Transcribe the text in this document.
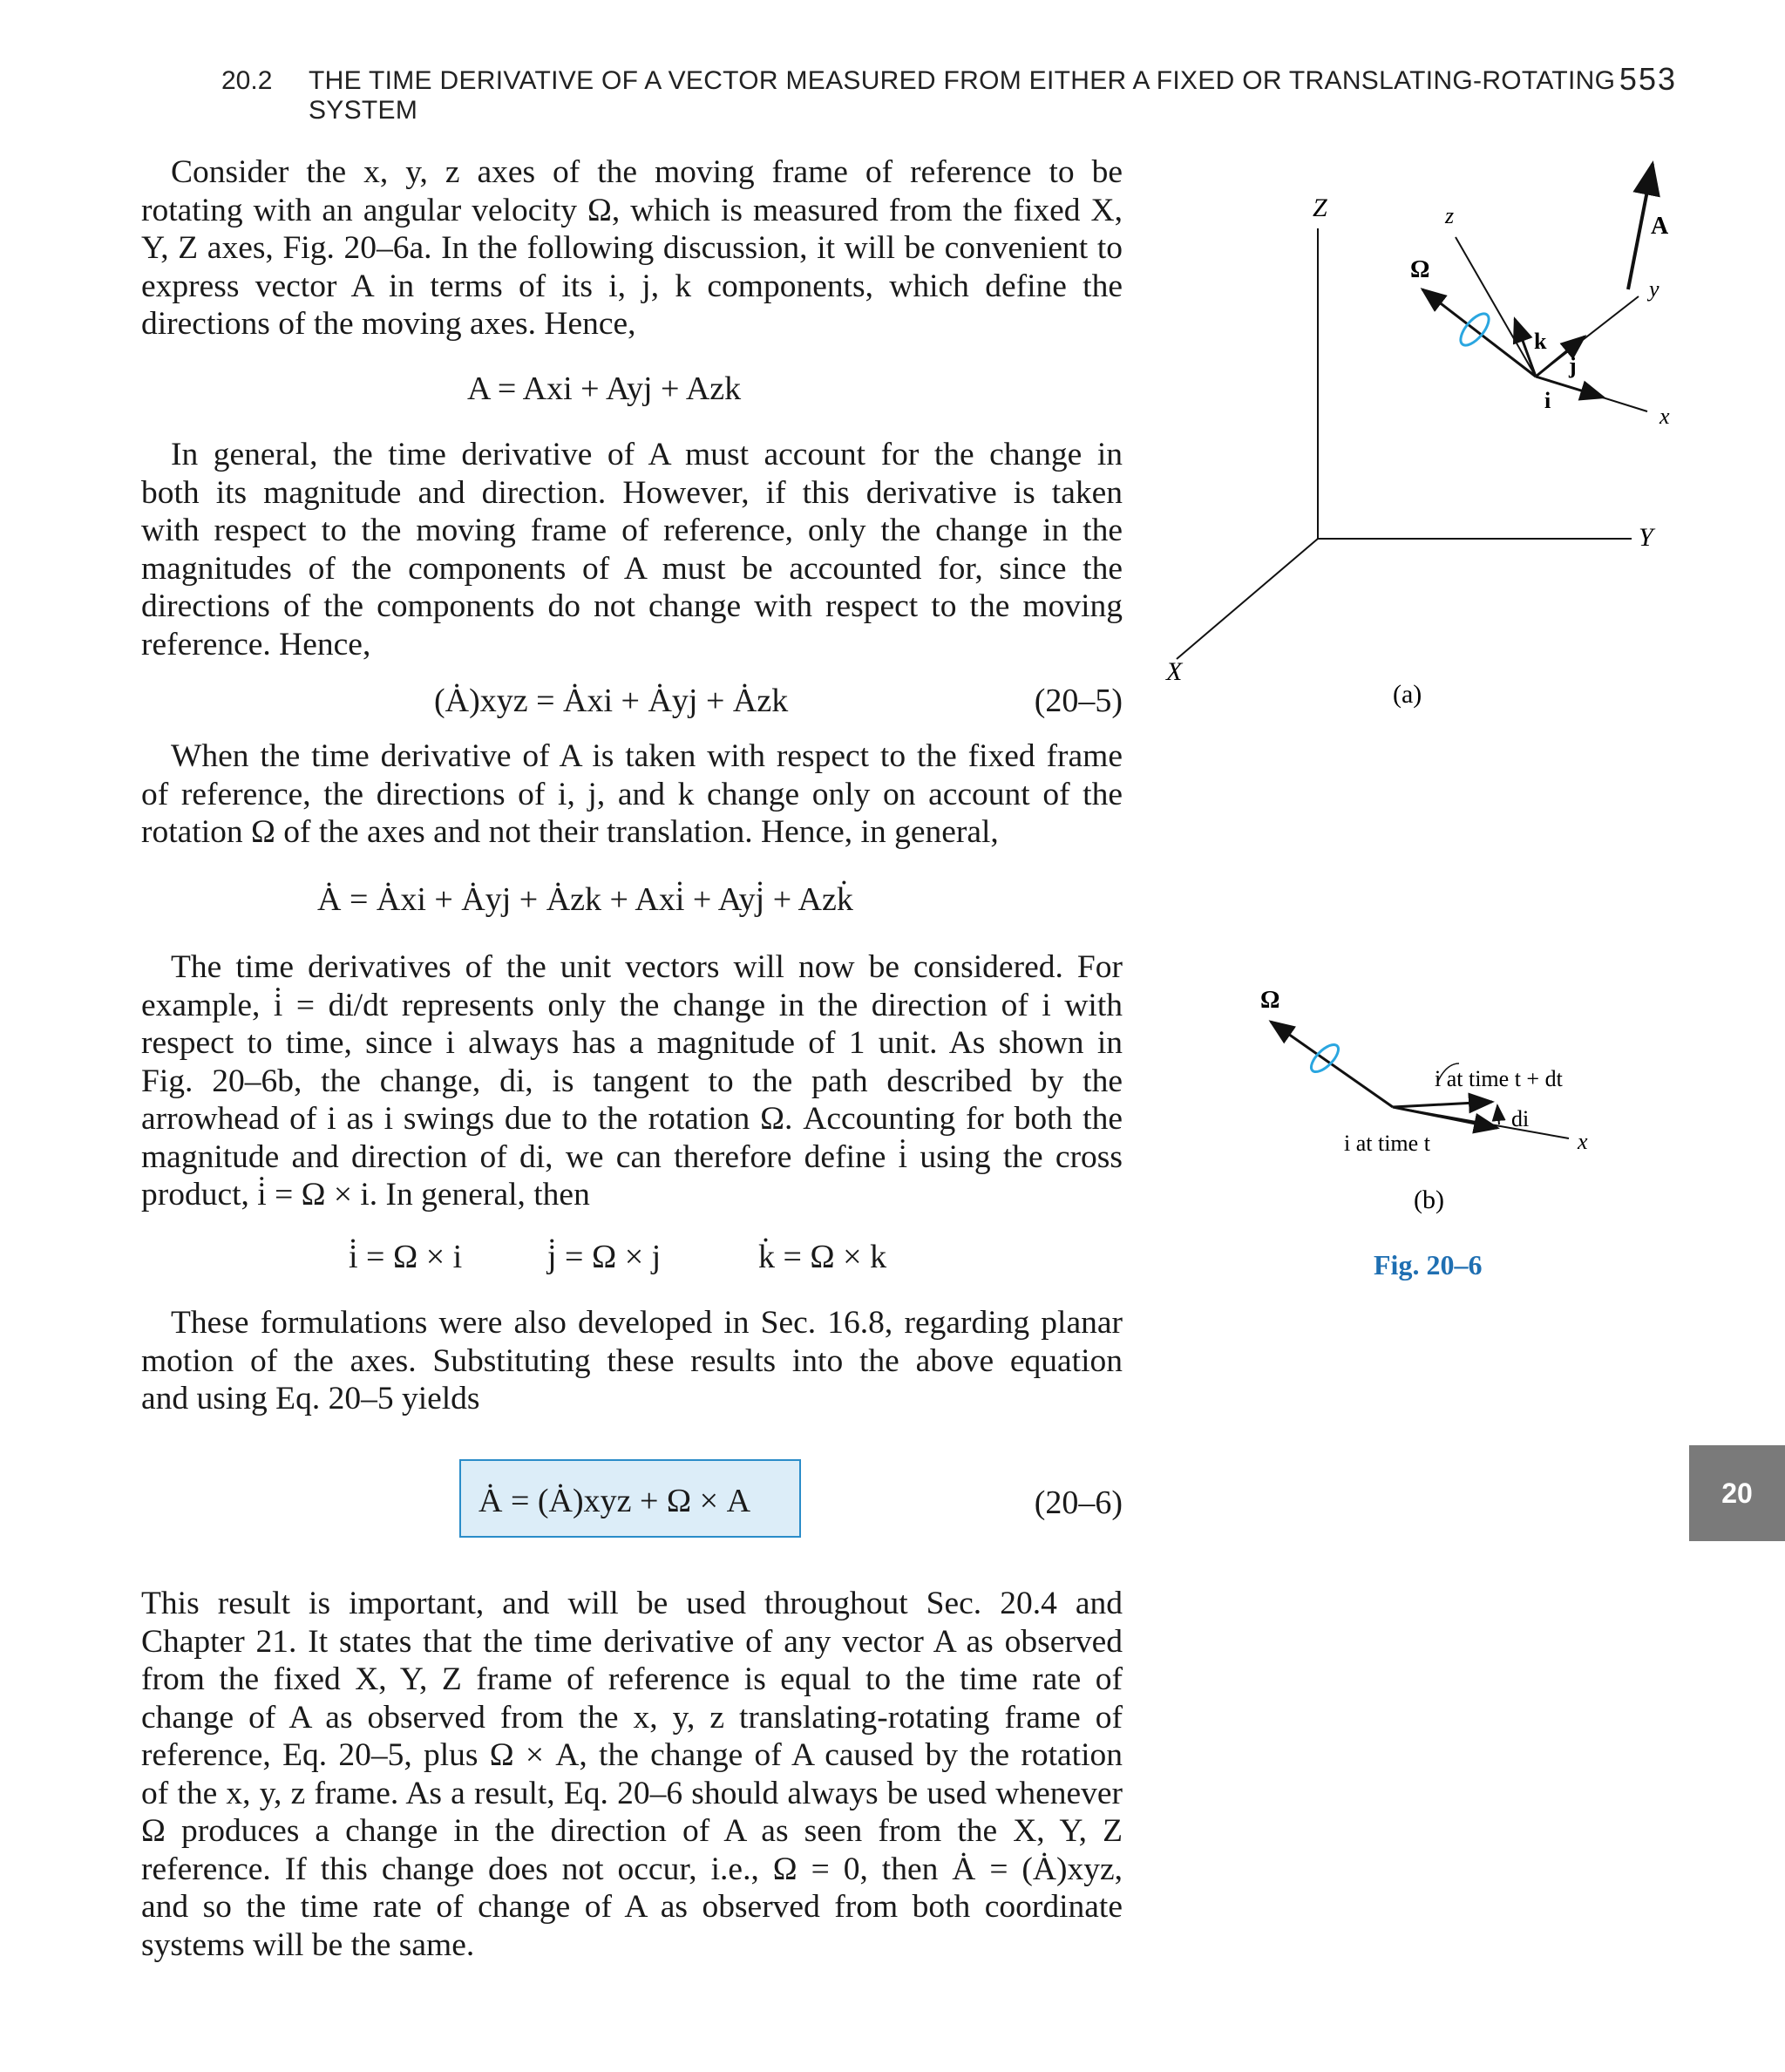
20.2 THE TIME DERIVATIVE OF A VECTOR MEASURED FROM EITHER A FIXED OR TRANSLATING-ROTATING SYSTEM
553
Consider the x, y, z axes of the moving frame of reference to be
rotating with an angular velocity Ω, which is measured from the fixed X,
Y, Z axes, Fig. 20–6a. In the following discussion, it will be convenient to
express vector A in terms of its i, j, k components, which define the
directions of the moving axes. Hence,
A = Axi + Ayj + Azk
In general, the time derivative of A must account for the change in
both its magnitude and direction. However, if this derivative is taken
with respect to the moving frame of reference, only the change in the
magnitudes of the components of A must be accounted for, since the
directions of the components do not change with respect to the moving
reference. Hence,
(Ȧ)xyz = Ȧxi + Ȧyj + Ȧzk	(20–5)
When the time derivative of A is taken with respect to the fixed frame
of reference, the directions of i, j, and k change only on account of the
rotation Ω of the axes and not their translation. Hence, in general,
Ȧ = Ȧxi + Ȧyj + Ȧzk + Axi̇ + Ayj̇ + Azk̇
The time derivatives of the unit vectors will now be considered. For
example, i̇ = di/dt represents only the change in the direction of i with
respect to time, since i always has a magnitude of 1 unit. As shown in
Fig. 20–6b, the change, di, is tangent to the path described by the
arrowhead of i as i swings due to the rotation Ω. Accounting for both the
magnitude and direction of di, we can therefore define i̇ using the cross
product, i̇ = Ω × i. In general, then
i̇ = Ω × i	j̇ = Ω × j	k̇ = Ω × k
These formulations were also developed in Sec. 16.8, regarding planar
motion of the axes. Substituting these results into the above equation
and using Eq. 20–5 yields
Ȧ = (Ȧ)xyz + Ω × A	(20–6)
This result is important, and will be used throughout Sec. 20.4 and
Chapter 21. It states that the time derivative of any vector A as observed
from the fixed X, Y, Z frame of reference is equal to the time rate of
change of A as observed from the x, y, z translating-rotating frame of
reference, Eq. 20–5, plus Ω × A, the change of A caused by the rotation
of the x, y, z frame. As a result, Eq. 20–6 should always be used whenever
Ω produces a change in the direction of A as seen from the X, Y, Z
reference. If this change does not occur, i.e., Ω = 0, then Ȧ = (Ȧ)xyz,
and so the time rate of change of A as observed from both coordinate
systems will be the same.
Z
Y
X
z
y
x
k
j
i
Ω
A
(a)
Ω
x
i at time t + dt
di
i at time t
(b)
Fig. 20–6
20
